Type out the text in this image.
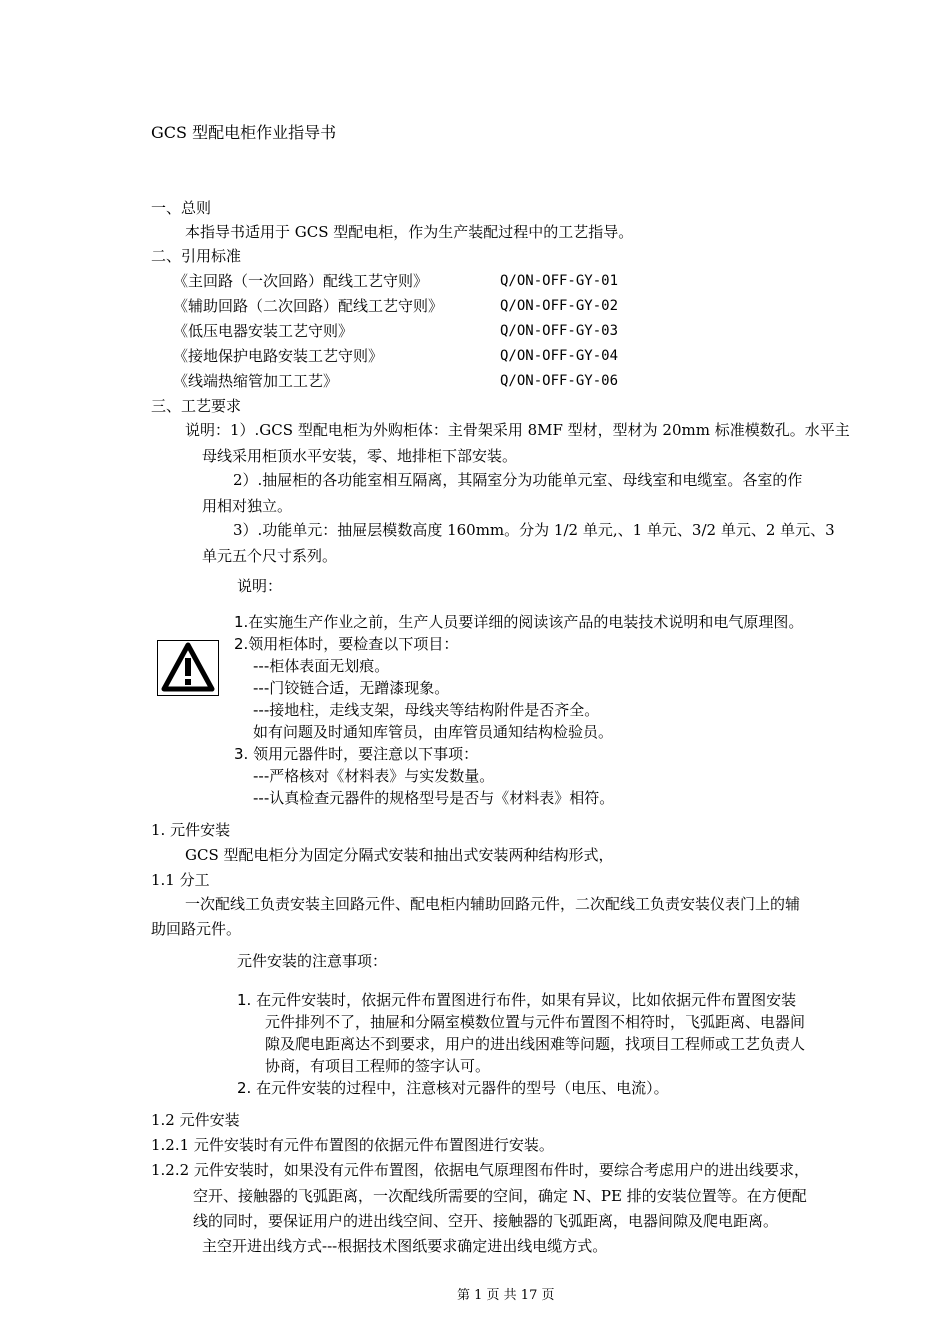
GCS 型配电柜作业指导书
一、总则
本指导书适用于 GCS 型配电柜，作为生产装配过程中的工艺指导。
二、引用标准
《主回路（一次回路）配线工艺守则》	Q/ON-OFF-GY-01
《辅助回路（二次回路）配线工艺守则》	Q/ON-OFF-GY-02
《低压电器安装工艺守则》	Q/ON-OFF-GY-03
《接地保护电路安装工艺守则》	Q/ON-OFF-GY-04
《线端热缩管加工工艺》	Q/ON-OFF-GY-06
三、工艺要求
说明：1）.GCS 型配电柜为外购柜体：主骨架采用 8MF 型材，型材为 20mm 标准模数孔。水平主
母线采用柜顶水平安装，零、地排柜下部安装。
2）.抽屉柜的各功能室相互隔离，其隔室分为功能单元室、母线室和电缆室。各室的作
用相对独立。
3）.功能单元：抽屉层模数高度 160mm。分为 1/2 单元,、1 单元、3/2 单元、2 单元、3
单元五个尺寸系列。
说明：
1.在实施生产作业之前，生产人员要详细的阅读该产品的电装技术说明和电气原理图。
2.领用柜体时，要检查以下项目：
---柜体表面无划痕。
---门铰链合适，无蹭漆现象。
---接地柱，走线支架，母线夹等结构附件是否齐全。
如有问题及时通知库管员，由库管员通知结构检验员。
3. 领用元器件时，要注意以下事项：
---严格核对《材料表》与实发数量。
---认真检查元器件的规格型号是否与《材料表》相符。
1. 元件安装
GCS 型配电柜分为固定分隔式安装和抽出式安装两种结构形式，
1.1 分工
一次配线工负责安装主回路元件、配电柜内辅助回路元件，二次配线工负责安装仪表门上的辅
助回路元件。
元件安装的注意事项：
1. 在元件安装时，依据元件布置图进行布件，如果有异议，比如依据元件布置图安装
元件排列不了，抽屉和分隔室模数位置与元件布置图不相符时，飞弧距离、电器间
隙及爬电距离达不到要求，用户的进出线困难等问题，找项目工程师或工艺负责人
协商，有项目工程师的签字认可。
2. 在元件安装的过程中，注意核对元器件的型号（电压、电流）。
1.2 元件安装
1.2.1 元件安装时有元件布置图的依据元件布置图进行安装。
1.2.2 元件安装时，如果没有元件布置图，依据电气原理图布件时，要综合考虑用户的进出线要求，
空开、接触器的飞弧距离，一次配线所需要的空间，确定 N、PE 排的安装位置等。在方便配
线的同时，要保证用户的进出线空间、空开、接触器的飞弧距离，电器间隙及爬电距离。
主空开进出线方式---根据技术图纸要求确定进出线电缆方式。
第 1 页 共 17 页
